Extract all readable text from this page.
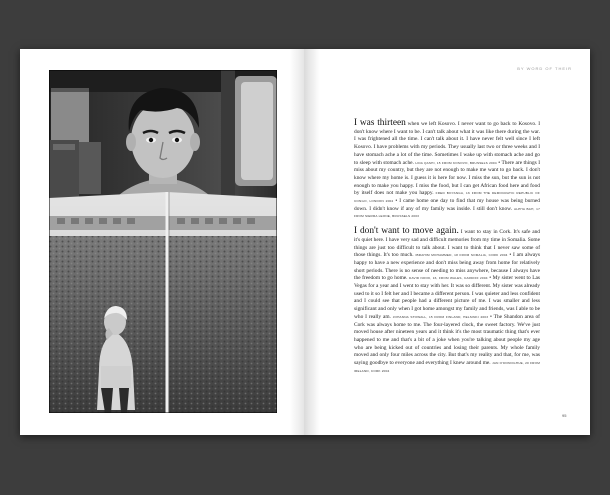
BY WORD OF THEIR

I was thirteen when we left Kosovo. I never want to go back to Kosovo. I don't know where I want to be. I can't talk about what it was like there during the war. I was frightened all the time. I can't talk about it. I have never felt well since I left Kosovo. I have problems with my periods. They usually last two or three weeks and I have stomach ache a lot of the time. Sometimes I wake up with stomach ache and go to sleep with stomach ache. LIDA QASHI, 15 FROM KOSOVO, BRUSSELS 2004 • There are things I miss about my country, but they are not enough to make me want to go back. I don't know where my home is. I guess it is here for now. I miss the sun, but the sun is not enough to make you happy. I miss the food, but I can get African food here and food by itself does not make you happy. FRED BOYANGA, 16 FROM THE DEMOCRATIC REPUBLIC OF CONGO, LONDON 2004 • I came home one day to find that my house was being burned down. I didn't know if any of my family was inside. I still don't know. ALPHA BAH, 17 FROM SIERRA LEONE, BRUSSELS 2003

I don't want to move again. I want to stay in Cork. It's safe and it's quiet here. I have very sad and difficult memories from my time in Somalia. Some things are just too difficult to talk about. I want to think that I never saw some of those things. It's too much. IBRAHIM MOHAMMED, 18 FROM SOMALIA, CORK 2004 • I am always happy to have a new experience and don't miss being away from home for relatively short periods. There is no sense of needing to miss anywhere, because I always have the freedom to go home. DAVID NOOK, 16, FROM WALES, CARDIFF 2004 • My sister went to Las Vegas for a year and I went to stay with her. It was so different. My sister was already used to it so I felt her and I became a different person. I was quieter and less confident and I could see that people had a different picture of me. I was smaller and less significant and only when I got home amongst my family and friends, was I able to be who I really am. JOHANNA STOWALL, 15 FROM FINLAND, HELSINKI 2003 • The Shandon area of Cork was always home to me. The four-layered clock, the sweet factory. We've just moved house after nineteen years and it think it's the most traumatic thing that's ever happened to me and that's a bit of a joke when you're talking about people my age who are being kicked out of countries and losing their parents. My whole family moved and only four miles across the city. But that's my reality and that, for me, was saying goodbye to everyone and everything I knew around me. JAN O'DONOGHUE, 20 FROM IRELAND, CORK 2004

95
